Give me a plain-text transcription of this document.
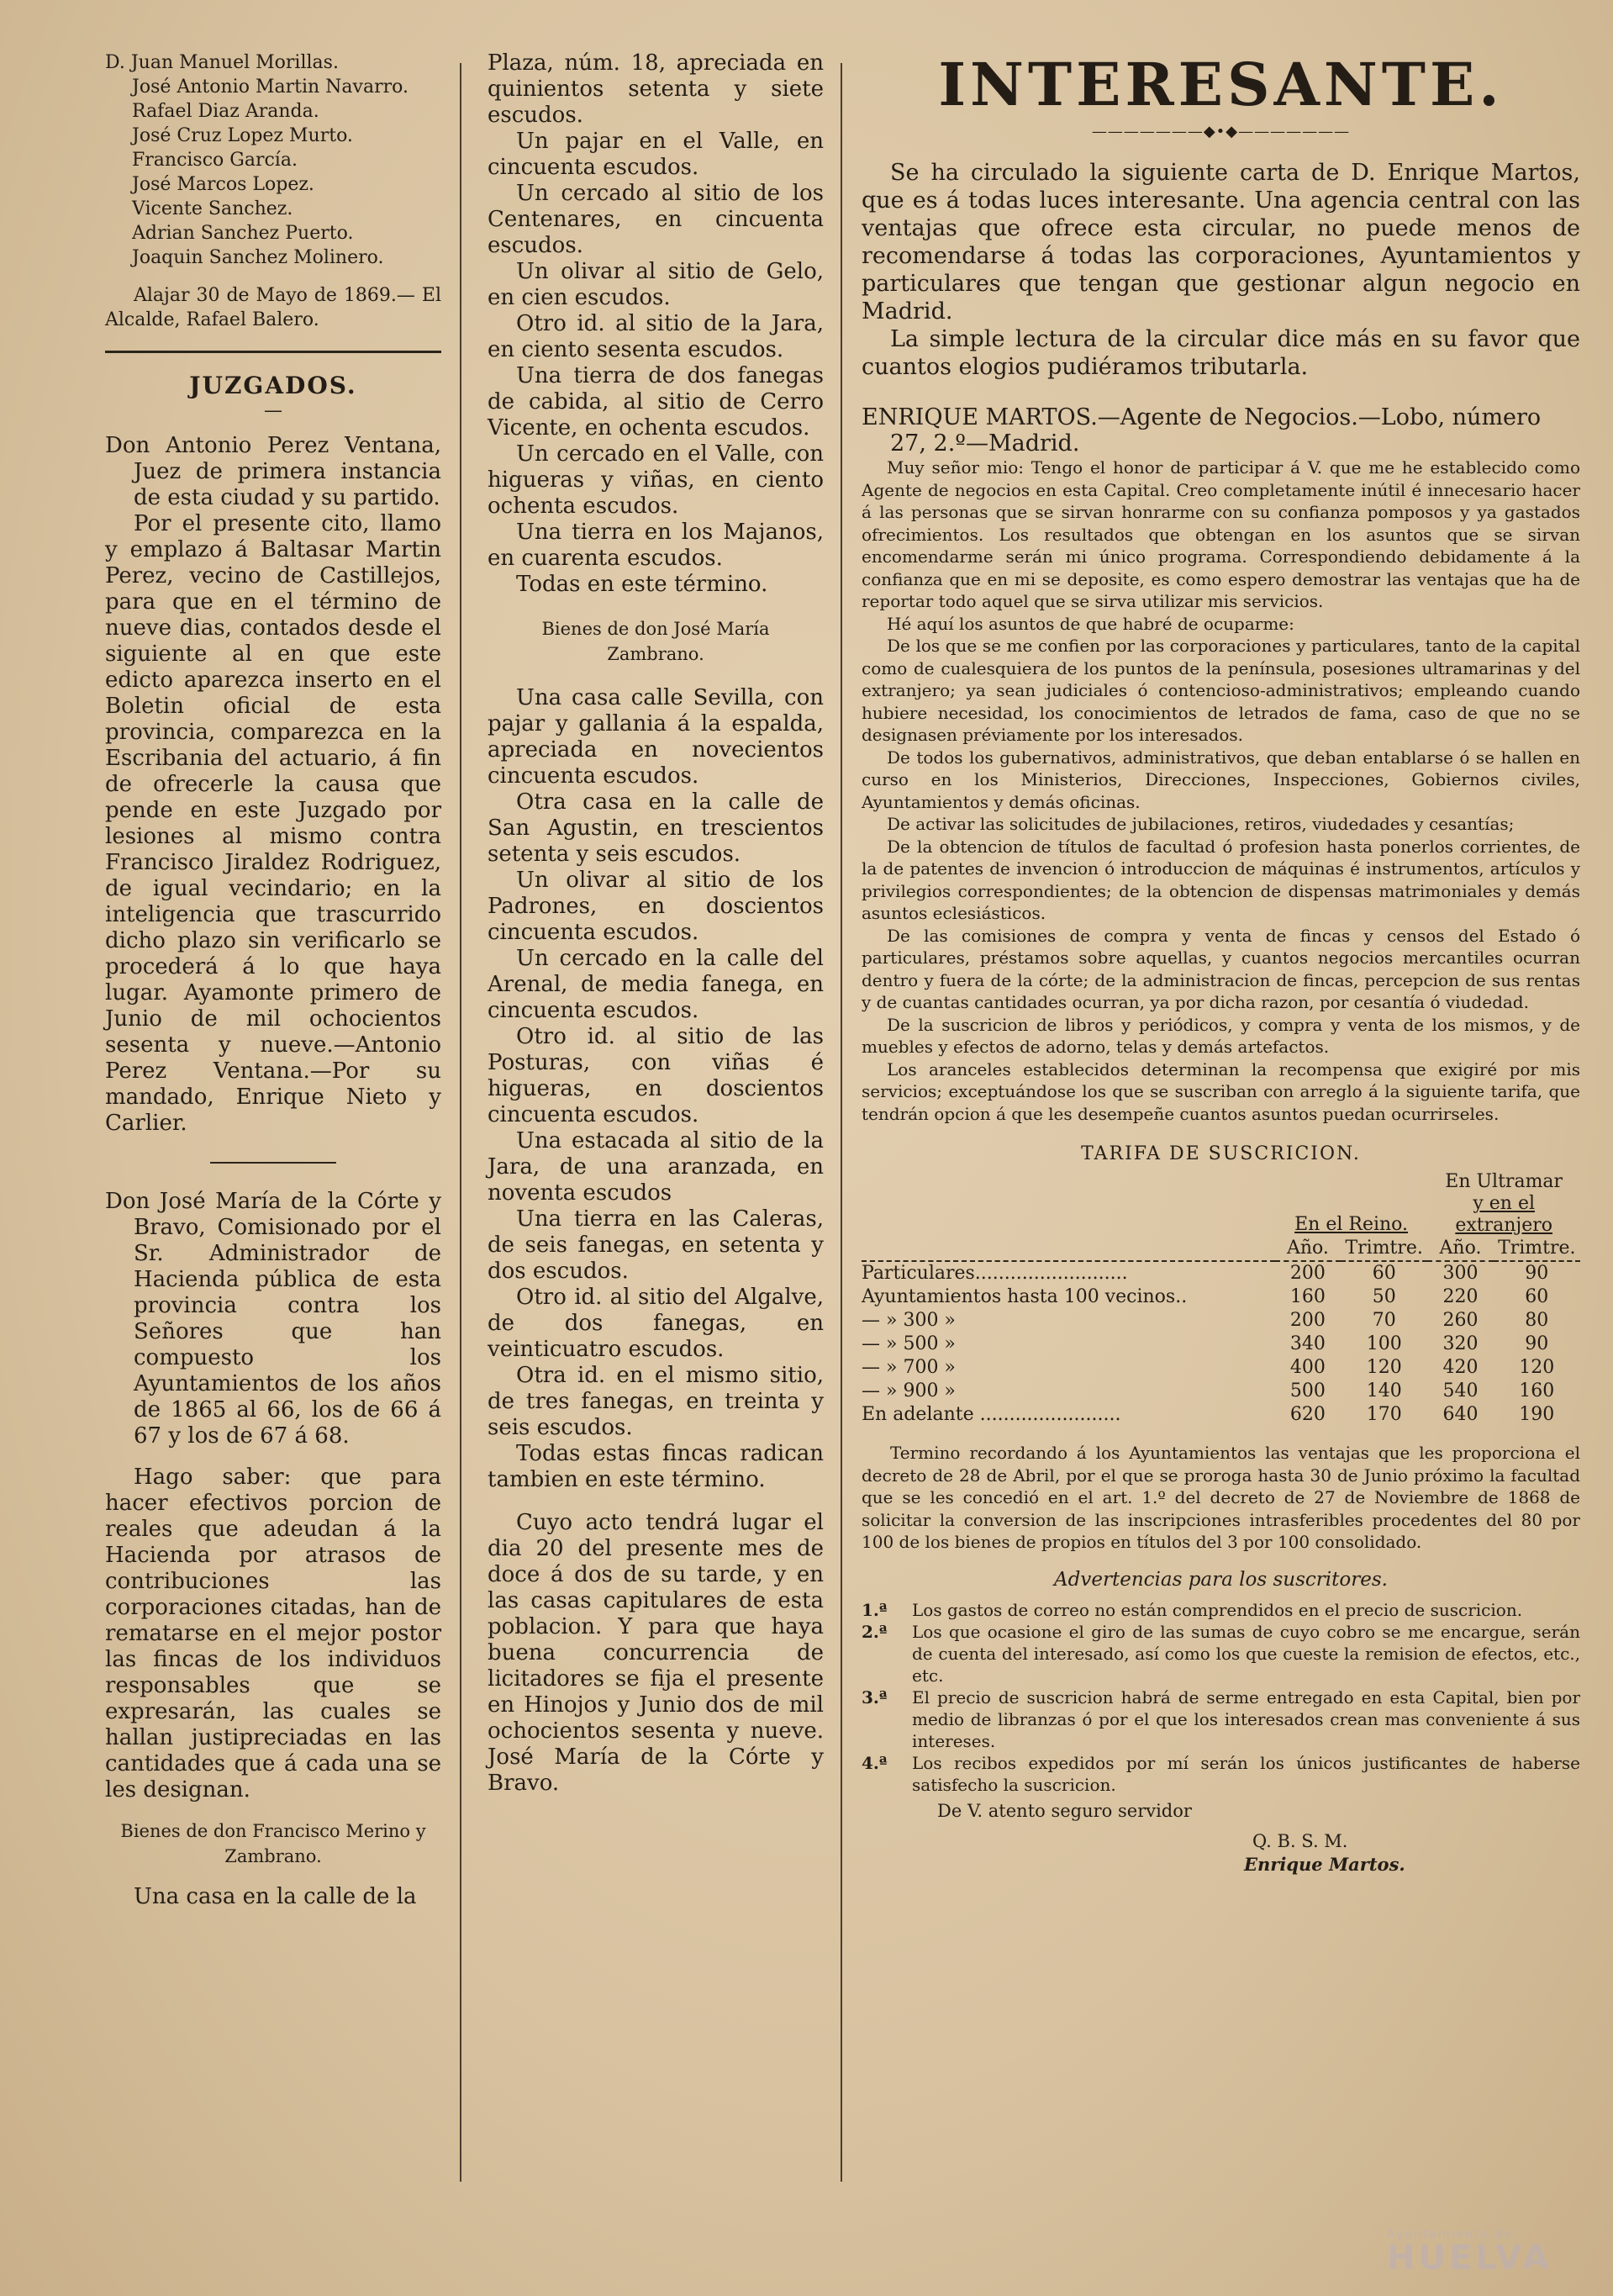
D. Juan Manuel Morillas.
José Antonio Martin Navarro.
Rafael Diaz Aranda.
José Cruz Lopez Murto.
Francisco García.
José Marcos Lopez.
Vicente Sanchez.
Adrian Sanchez Puerto.
Joaquin Sanchez Molinero.

Alajar 30 de Mayo de 1869.— El Alcalde, Rafael Balero.

JUZGADOS.
—

Don Antonio Perez Ventana, Juez de primera instancia de esta ciudad y su partido.

Por el presente cito, llamo y emplazo á Baltasar Martin Perez, vecino de Castillejos, para que en el término de nueve dias, contados desde el siguiente al en que este edicto aparezca inserto en el Boletin oficial de esta provincia, comparezca en la Escribania del actuario, á fin de ofrecerle la causa que pende en este Juzgado por lesiones al mismo contra Francisco Jiraldez Rodriguez, de igual vecindario; en la inteligencia que trascurrido dicho plazo sin verificarlo se procederá á lo que haya lugar. Ayamonte primero de Junio de mil ochocientos sesenta y nueve.—Antonio Perez Ventana.—Por su mandado, Enrique Nieto y Carlier.

Don José María de la Córte y Bravo, Comisionado por el Sr. Administrador de Hacienda pública de esta provincia contra los Señores que han compuesto los Ayuntamientos de los años de 1865 al 66, los de 66 á 67 y los de 67 á 68.

Hago saber: que para hacer efectivos porcion de reales que adeudan á la Hacienda por atrasos de contribuciones las corporaciones citadas, han de rematarse en el mejor postor las fincas de los individuos responsables que se expresarán, las cuales se hallan justipreciadas en las cantidades que á cada una se les designan.

Bienes de don Francisco Merino y Zambrano.

Una casa en la calle de la

Plaza, núm. 18, apreciada en quinientos setenta y siete escudos.

Un pajar en el Valle, en cincuenta escudos.

Un cercado al sitio de los Centenares, en cincuenta escudos.

Un olivar al sitio de Gelo, en cien escudos.

Otro id. al sitio de la Jara, en ciento sesenta escudos.

Una tierra de dos fanegas de cabida, al sitio de Cerro Vicente, en ochenta escudos.

Un cercado en el Valle, con higueras y viñas, en ciento ochenta escudos.

Una tierra en los Majanos, en cuarenta escudos.

Todas en este término.

Bienes de don José María Zambrano.

Una casa calle Sevilla, con pajar y gallania á la espalda, apreciada en novecientos cincuenta escudos.

Otra casa en la calle de San Agustin, en trescientos setenta y seis escudos.

Un olivar al sitio de los Padrones, en doscientos cincuenta escudos.

Un cercado en la calle del Arenal, de media fanega, en cincuenta escudos.

Otro id. al sitio de las Posturas, con viñas é higueras, en doscientos cincuenta escudos.

Una estacada al sitio de la Jara, de una aranzada, en noventa escudos

Una tierra en las Caleras, de seis fanegas, en setenta y dos escudos.

Otro id. al sitio del Algalve, de dos fanegas, en veinticuatro escudos.

Otra id. en el mismo sitio, de tres fanegas, en treinta y seis escudos.

Todas estas fincas radican tambien en este término.

Cuyo acto tendrá lugar el dia 20 del presente mes de doce á dos de su tarde, y en las casas capitulares de esta poblacion. Y para que haya buena concurrencia de licitadores se fija el presente en Hinojos y Junio dos de mil ochocientos sesenta y nueve. José María de la Córte y Bravo.

INTERESANTE.
———————◆•◆———————

Se ha circulado la siguiente carta de D. Enrique Martos, que es á todas luces interesante. Una agencia central con las ventajas que ofrece esta circular, no puede menos de recomendarse á todas las corporaciones, Ayuntamientos y particulares que tengan que gestionar algun negocio en Madrid.

La simple lectura de la circular dice más en su favor que cuantos elogios pudiéramos tributarla.

ENRIQUE MARTOS.—Agente de Negocios.—Lobo, número 27, 2.º—Madrid.

Muy señor mio: Tengo el honor de participar á V. que me he establecido como Agente de negocios en esta Capital. Creo completamente inútil é innecesario hacer á las personas que se sirvan honrarme con su confianza pomposos y ya gastados ofrecimientos. Los resultados que obtengan en los asuntos que se sirvan encomendarme serán mi único programa. Correspondiendo debidamente á la confianza que en mi se deposite, es como espero demostrar las ventajas que ha de reportar todo aquel que se sirva utilizar mis servicios.

Hé aquí los asuntos de que habré de ocuparme:

De los que se me confien por las corporaciones y particulares, tanto de la capital como de cualesquiera de los puntos de la península, posesiones ultramarinas y del extranjero; ya sean judiciales ó contencioso-administrativos; empleando cuando hubiere necesidad, los conocimientos de letrados de fama, caso de que no se designasen préviamente por los interesados.

De todos los gubernativos, administrativos, que deban entablarse ó se hallen en curso en los Ministerios, Direcciones, Inspecciones, Gobiernos civiles, Ayuntamientos y demás oficinas.

De activar las solicitudes de jubilaciones, retiros, viudedades y cesantías;

De la obtencion de títulos de facultad ó profesion hasta ponerlos corrientes, de la de patentes de invencion ó introduccion de máquinas é instrumentos, artículos y privilegios correspondientes; de la obtencion de dispensas matrimoniales y demás asuntos eclesiásticos.

De las comisiones de compra y venta de fincas y censos del Estado ó particulares, préstamos sobre aquellas, y cuantos negocios mercantiles ocurran dentro y fuera de la córte; de la administracion de fincas, percepcion de sus rentas y de cuantas cantidades ocurran, ya por dicha razon, por cesantía ó viudedad.

De la suscricion de libros y periódicos, y compra y venta de los mismos, y de muebles y efectos de adorno, telas y demás artefactos.

Los aranceles establecidos determinan la recompensa que exigiré por mis servicios; exceptuándose los que se suscriban con arreglo á la siguiente tarifa, que tendrán opcion á que les desempeñe cuantos asuntos puedan ocurrirseles.

TARIFA DE SUSCRICION.
	En el Reino.		En Ultramar
y en el extranjero	
	Año.	Trimtre.	Año.	Trimtre.
Particulares..........................	200	60	300	90
Ayuntamientos hasta 100 vecinos..	160	50	220	60
— » 300 »	200	70	260	80
— » 500 »	340	100	320	90
— » 700 »	400	120	420	120
— » 900 »	500	140	540	160
En adelante ........................	620	170	640	190

Termino recordando á los Ayuntamientos las ventajas que les proporciona el decreto de 28 de Abril, por el que se proroga hasta 30 de Junio próximo la facultad que se les concedió en el art. 1.º del decreto de 27 de Noviembre de 1868 de solicitar la conversion de las inscripciones intrasferibles procedentes del 80 por 100 de los bienes de propios en títulos del 3 por 100 consolidado.

Advertencias para los suscritores.
1.ª	Los gastos de correo no están comprendidos en el precio de suscricion.
2.ª	Los que ocasione el giro de las sumas de cuyo cobro se me encargue, serán de cuenta del interesado, así como los que cueste la remision de efectos, etc., etc.
3.ª	El precio de suscricion habrá de serme entregado en esta Capital, bien por medio de libranzas ó por el que los interesados crean mas conveniente á sus intereses.
4.ª	Los recibos expedidos por mí serán los únicos justificantes de haberse satisfecho la suscricion.
De V. atento seguro servidor
Q. B. S. M.
Enrique Martos.
Ayuntamiento de
HUELVA
